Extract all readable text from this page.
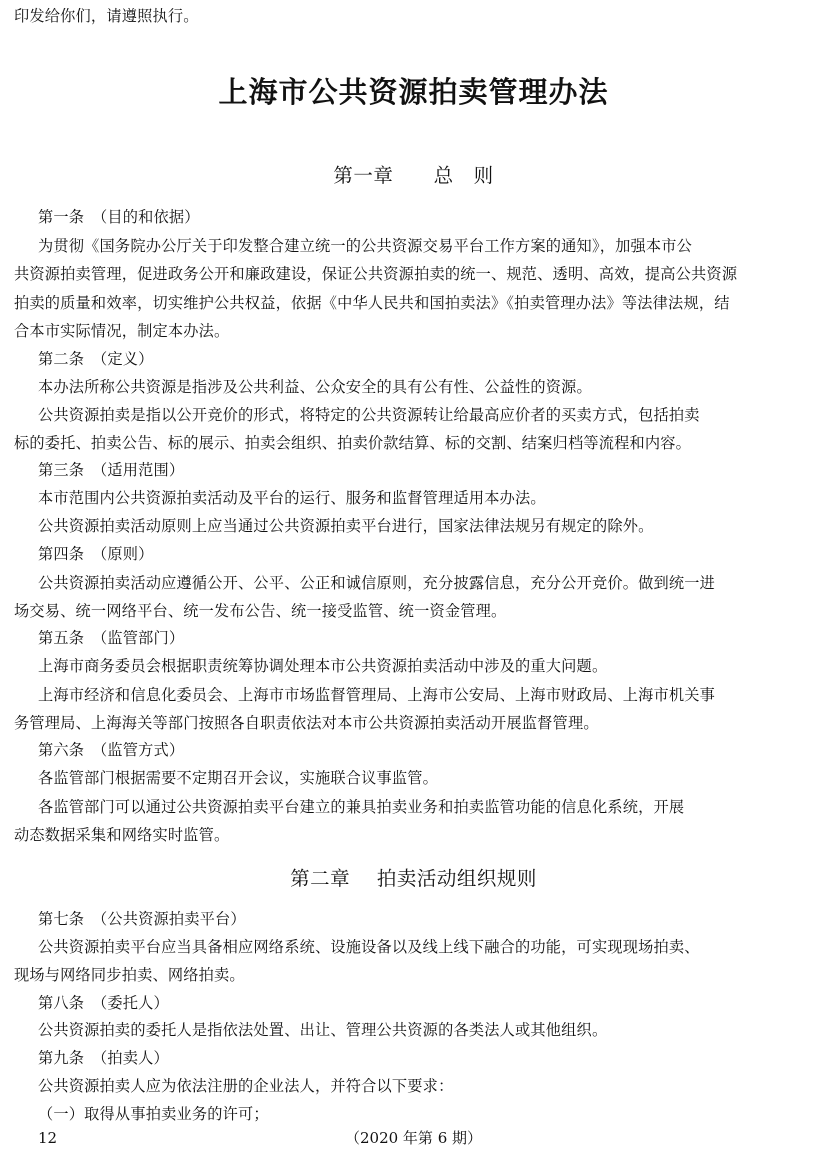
印发给你们，请遵照执行。
上海市公共资源拍卖管理办法
第一章 总　则
第一条　（目的和依据）
为贯彻《国务院办公厅关于印发整合建立统一的公共资源交易平台工作方案的通知》，加强本市公
共资源拍卖管理，促进政务公开和廉政建设，保证公共资源拍卖的统一、规范、透明、高效，提高公共资源
拍卖的质量和效率，切实维护公共权益，依据《中华人民共和国拍卖法》《拍卖管理办法》等法律法规，结
合本市实际情况，制定本办法。
第二条　（定义）
本办法所称公共资源是指涉及公共利益、公众安全的具有公有性、公益性的资源。
公共资源拍卖是指以公开竞价的形式，将特定的公共资源转让给最高应价者的买卖方式，包括拍卖
标的委托、拍卖公告、标的展示、拍卖会组织、拍卖价款结算、标的交割、结案归档等流程和内容。
第三条　（适用范围）
本市范围内公共资源拍卖活动及平台的运行、服务和监督管理适用本办法。
公共资源拍卖活动原则上应当通过公共资源拍卖平台进行，国家法律法规另有规定的除外。
第四条　（原则）
公共资源拍卖活动应遵循公开、公平、公正和诚信原则，充分披露信息，充分公开竞价。做到统一进
场交易、统一网络平台、统一发布公告、统一接受监管、统一资金管理。
第五条　（监管部门）
上海市商务委员会根据职责统筹协调处理本市公共资源拍卖活动中涉及的重大问题。
上海市经济和信息化委员会、上海市市场监督管理局、上海市公安局、上海市财政局、上海市机关事
务管理局、上海海关等部门按照各自职责依法对本市公共资源拍卖活动开展监督管理。
第六条　（监管方式）
各监管部门根据需要不定期召开会议，实施联合议事监管。
各监管部门可以通过公共资源拍卖平台建立的兼具拍卖业务和拍卖监管功能的信息化系统，开展
动态数据采集和网络实时监管。
第二章 拍卖活动组织规则
第七条　（公共资源拍卖平台）
公共资源拍卖平台应当具备相应网络系统、设施设备以及线上线下融合的功能，可实现现场拍卖、
现场与网络同步拍卖、网络拍卖。
第八条　（委托人）
公共资源拍卖的委托人是指依法处置、出让、管理公共资源的各类法人或其他组织。
第九条　（拍卖人）
公共资源拍卖人应为依法注册的企业法人，并符合以下要求：
（一）取得从事拍卖业务的许可；
12	（2020 年第 6 期）
